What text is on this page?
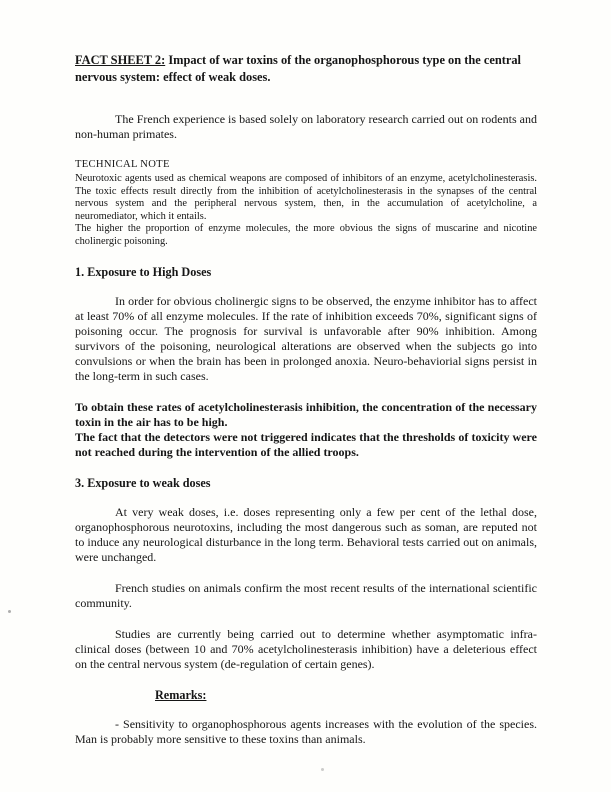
FACT SHEET 2: Impact of war toxins of the organophosphorous type on the central nervous system: effect of weak doses.

The French experience is based solely on laboratory research carried out on rodents and non-human primates.

TECHNICAL NOTE

Neurotoxic agents used as chemical weapons are composed of inhibitors of an enzyme, acetylcholinesterasis. The toxic effects result directly from the inhibition of acetylcholinesterasis in the synapses of the central nervous system and the peripheral nervous system, then, in the accumulation of acetylcholine, a neuromediator, which it entails.

The higher the proportion of enzyme molecules, the more obvious the signs of muscarine and nicotine cholinergic poisoning.

1. Exposure to High Doses

In order for obvious cholinergic signs to be observed, the enzyme inhibitor has to affect at least 70% of all enzyme molecules. If the rate of inhibition exceeds 70%, significant signs of poisoning occur. The prognosis for survival is unfavorable after 90% inhibition. Among survivors of the poisoning, neurological alterations are observed when the subjects go into convulsions or when the brain has been in prolonged anoxia. Neuro-behaviorial signs persist in the long-term in such cases.

To obtain these rates of acetylcholinesterasis inhibition, the concentration of the necessary toxin in the air has to be high.

The fact that the detectors were not triggered indicates that the thresholds of toxicity were not reached during the intervention of the allied troops.

3. Exposure to weak doses

At very weak doses, i.e. doses representing only a few per cent of the lethal dose, organophosphorous neurotoxins, including the most dangerous such as soman, are reputed not to induce any neurological disturbance in the long term. Behavioral tests carried out on animals, were unchanged.

French studies on animals confirm the most recent results of the international scientific community.

Studies are currently being carried out to determine whether asymptomatic infra-clinical doses (between 10 and 70% acetylcholinesterasis inhibition) have a deleterious effect on the central nervous system (de-regulation of certain genes).

Remarks:

- Sensitivity to organophosphorous agents increases with the evolution of the species. Man is probably more sensitive to these toxins than animals.
